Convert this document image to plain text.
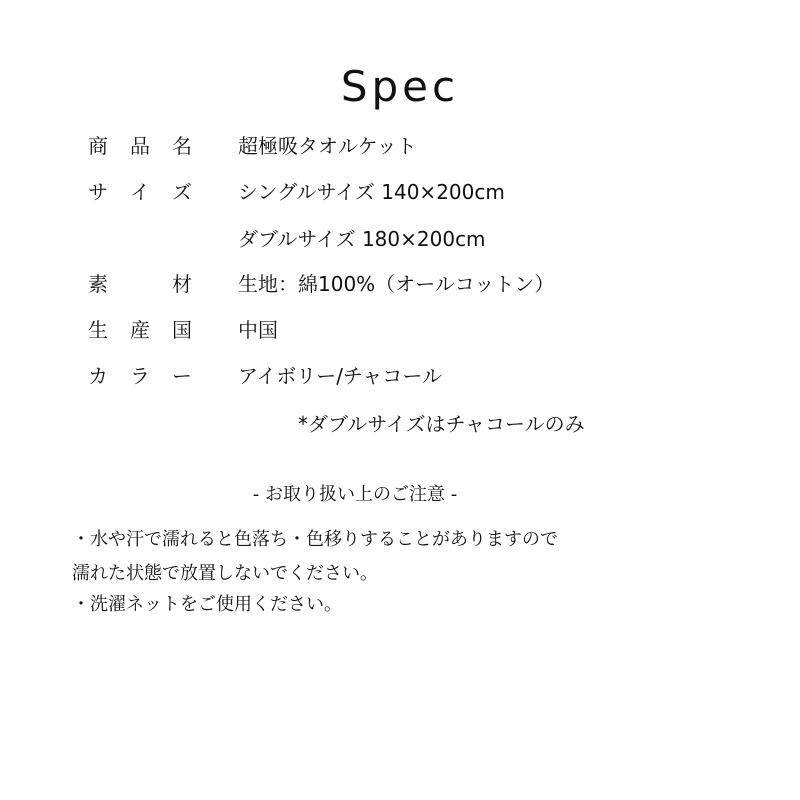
Spec
商 品 名 超極吸タオルケット
サ イ ズ シングルサイズ 140×200cm
ダブルサイズ 180×200cm
素	材 生地：綿100%（オールコットン）
生 産 国 中国
カ ラ ー アイボリー/チャコール
*ダブルサイズはチャコールのみ
- お取り扱い上のご注意 -
・水や汗で濡れると色落ち・色移りすることがありますので
濡れた状態で放置しないでください。
・洗濯ネットをご使用ください。
